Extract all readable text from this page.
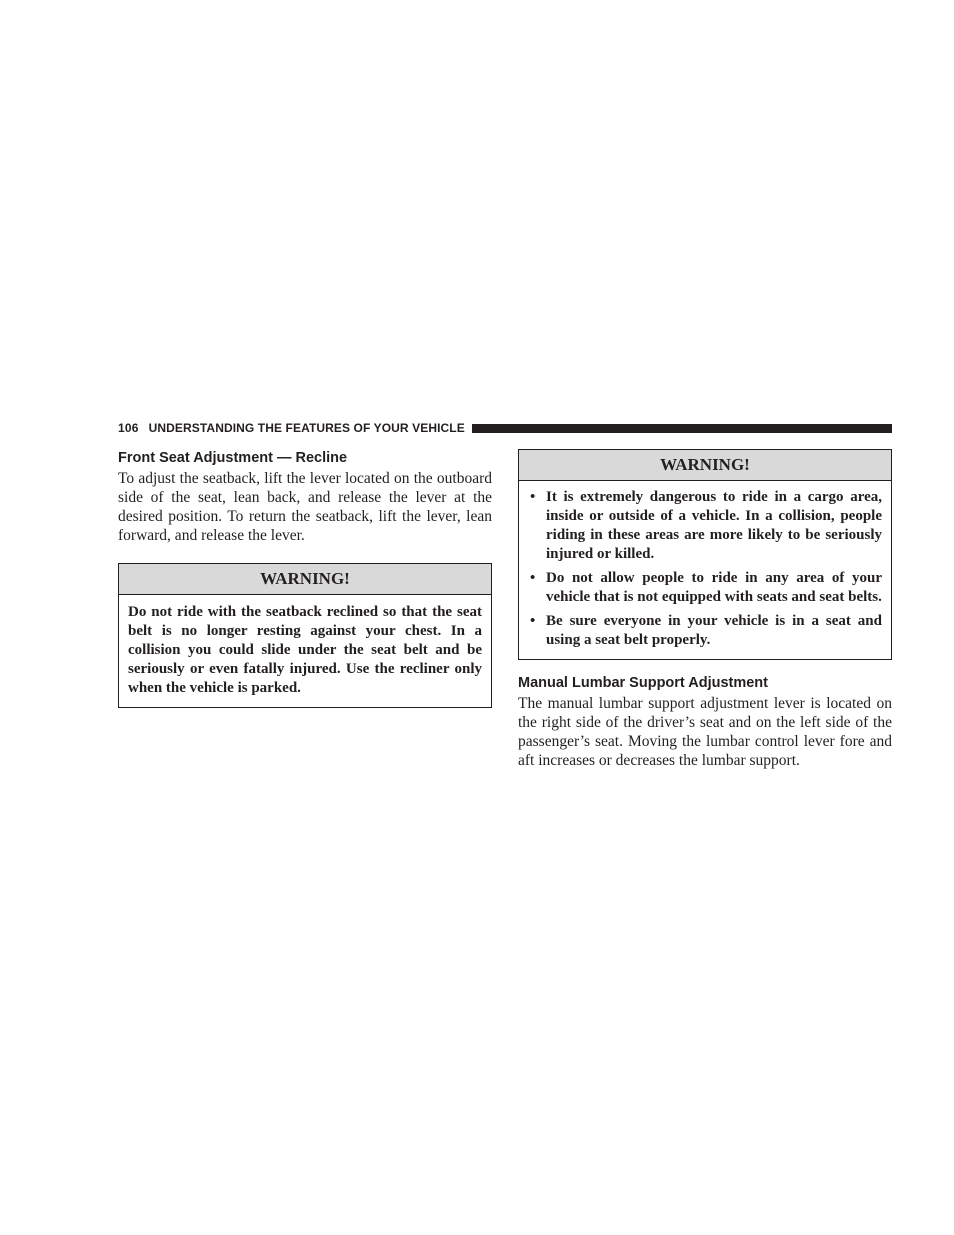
106 UNDERSTANDING THE FEATURES OF YOUR VEHICLE
Front Seat Adjustment — Recline

To adjust the seatback, lift the lever located on the outboard side of the seat, lean back, and release the lever at the desired position. To return the seatback, lift the lever, lean forward, and release the lever.

WARNING!
Do not ride with the seatback reclined so that the seat belt is no longer resting against your chest. In a collision you could slide under the seat belt and be seriously or even fatally injured. Use the recliner only when the vehicle is parked.
WARNING!
• It is extremely dangerous to ride in a cargo area, inside or outside of a vehicle. In a collision, people riding in these areas are more likely to be seriously injured or killed.
• Do not allow people to ride in any area of your vehicle that is not equipped with seats and seat belts.
• Be sure everyone in your vehicle is in a seat and using a seat belt properly.
Manual Lumbar Support Adjustment

The manual lumbar support adjustment lever is located on the right side of the driver’s seat and on the left side of the passenger’s seat. Moving the lumbar control lever fore and aft increases or decreases the lumbar support.
